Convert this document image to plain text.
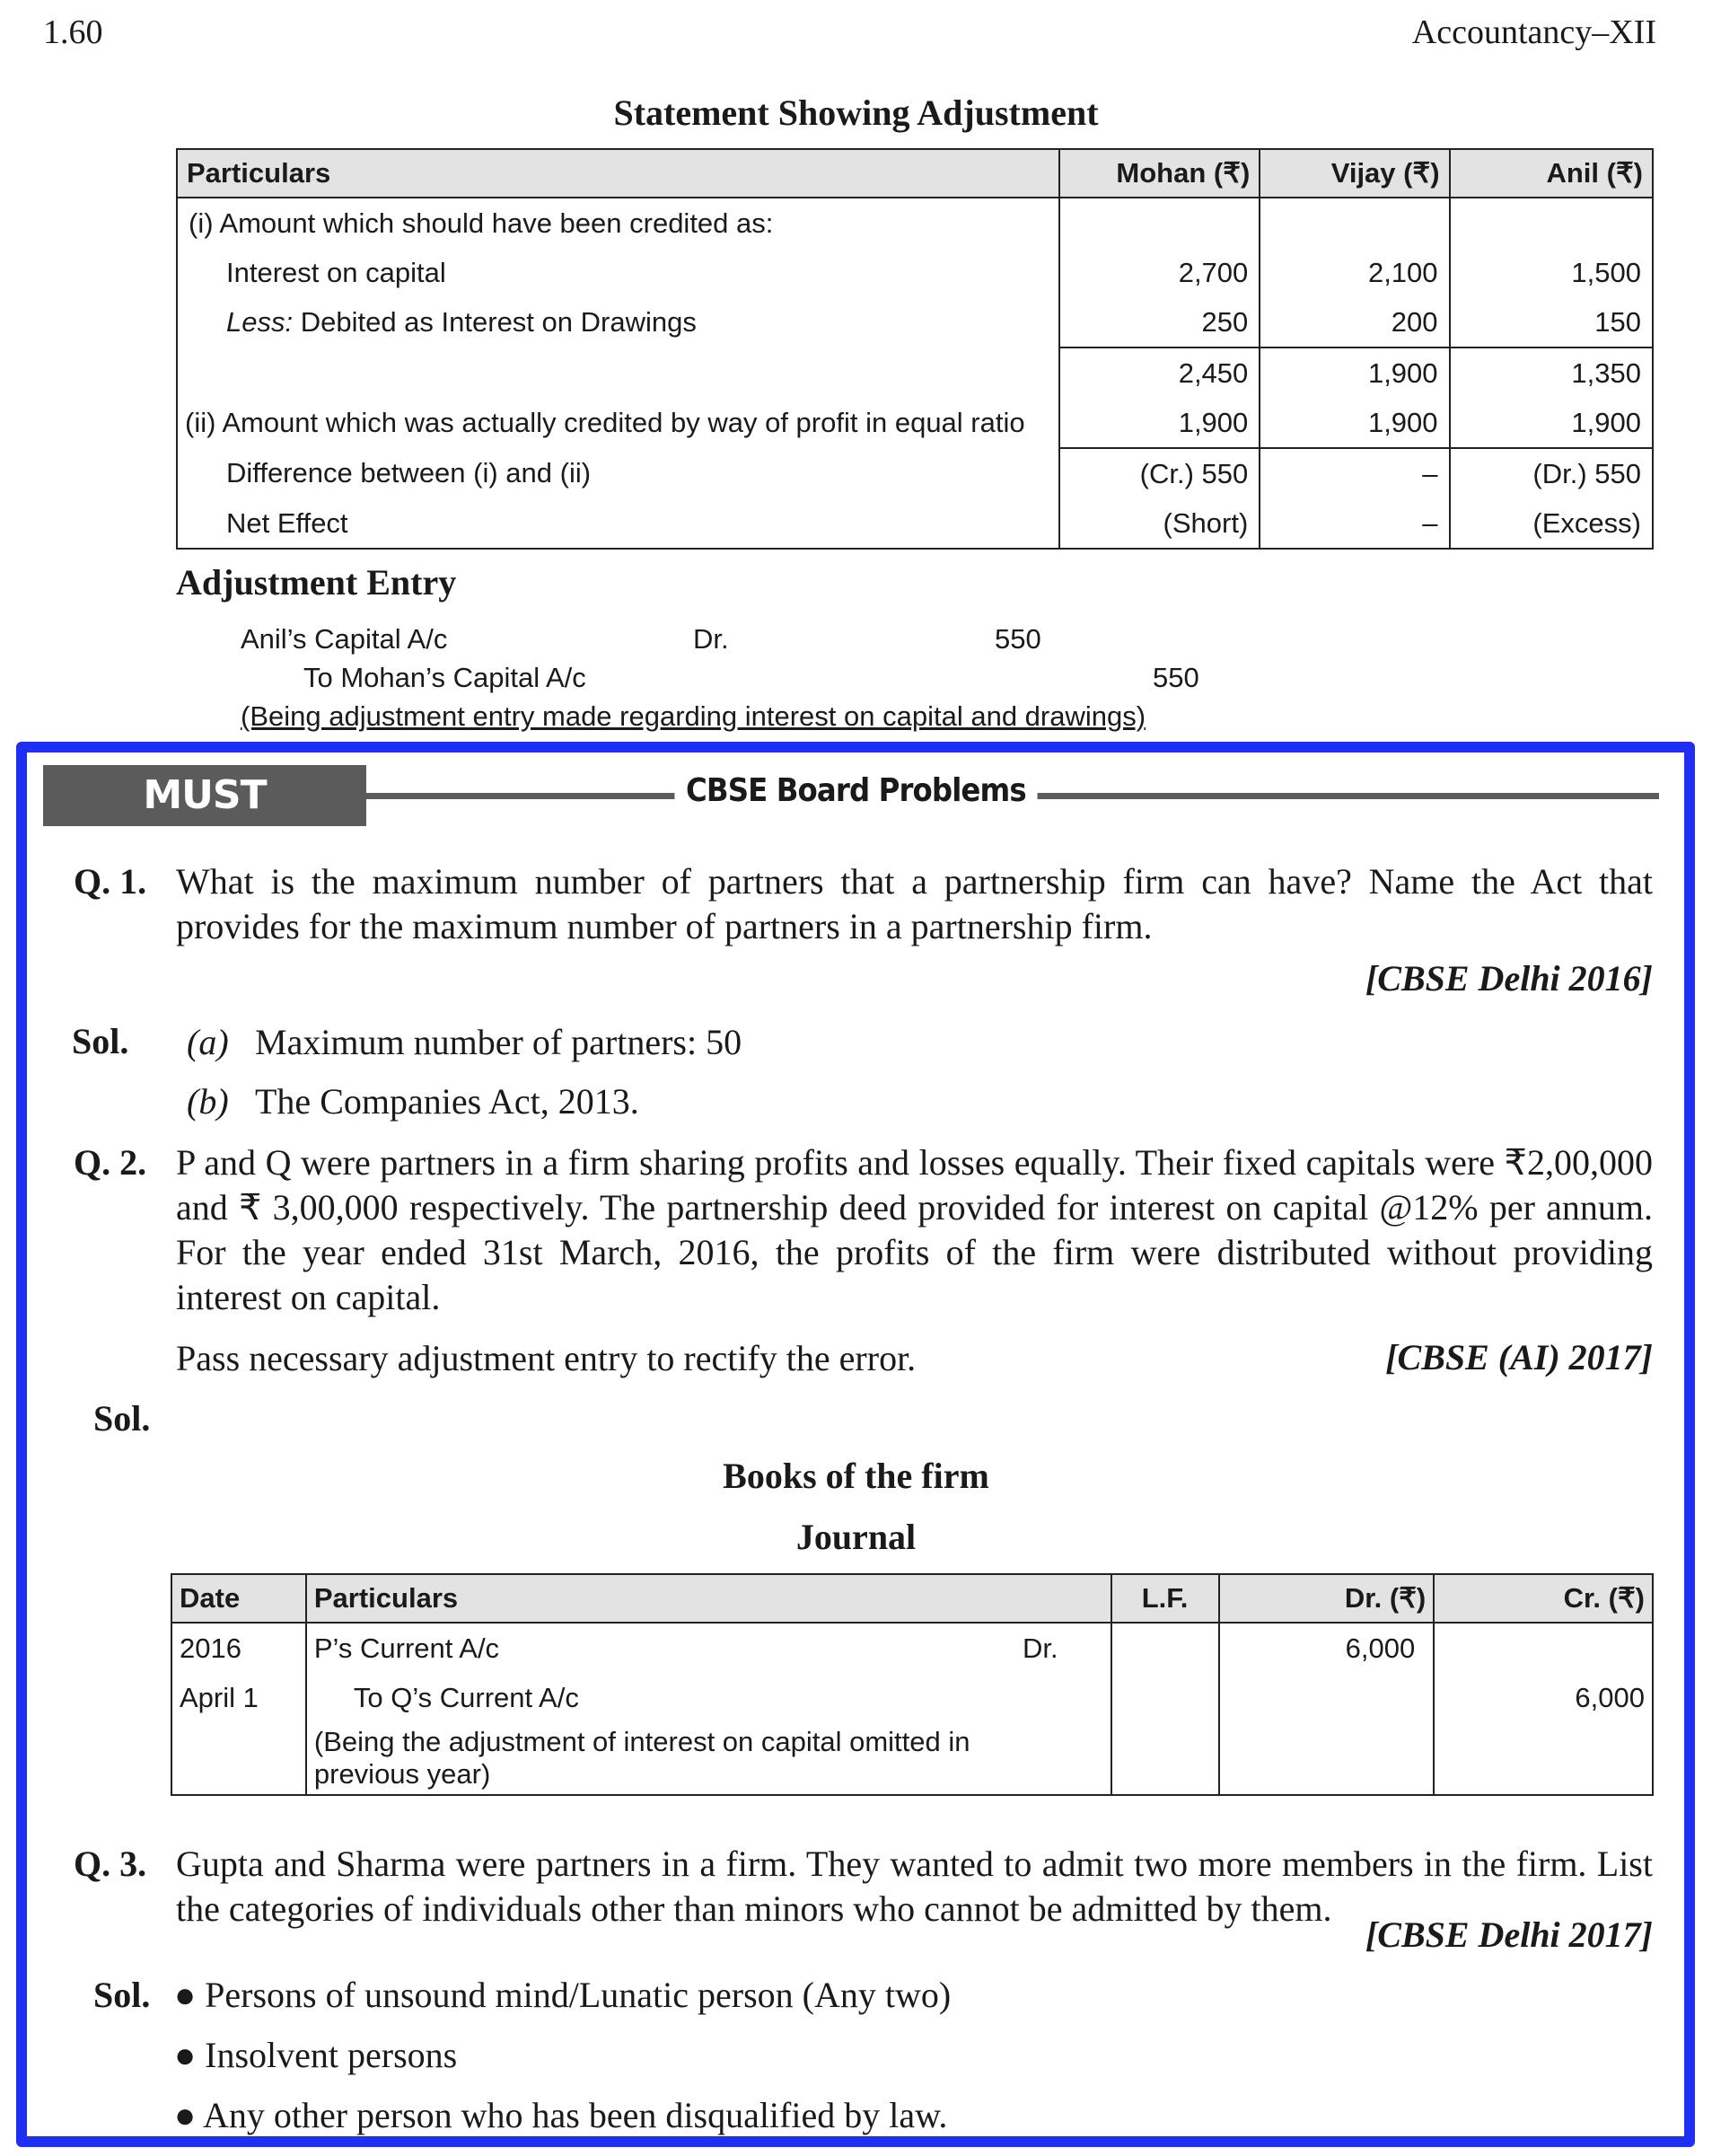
1.60	Accountancy–XII
Statement Showing Adjustment
Particulars	Mohan (₹)	Vijay (₹)	Anil (₹)
(i) Amount which should have been credited as:			
Interest on capital	2,700	2,100	1,500
Less: Debited as Interest on Drawings	250	200	150
	2,450	1,900	1,350
(ii) Amount which was actually credited by way of profit in equal ratio	1,900	1,900	1,900
Difference between (i) and (ii)	(Cr.) 550	–	(Dr.) 550
Net Effect	(Short)	–	(Excess)
Adjustment Entry
Anil’s Capital A/c	Dr.	550
To Mohan’s Capital A/c	550
(Being adjustment entry made regarding interest on capital and drawings)
CBSE Board Problems
MUST PRACTICE
Q. 1. What is the maximum number of partners that a partnership firm can have? Name the Act that provides for the maximum number of partners in a partnership firm.
[CBSE Delhi 2016]
Sol. (a) Maximum number of partners: 50
(b) The Companies Act, 2013.
Q. 2. P and Q were partners in a firm sharing profits and losses equally. Their fixed capitals were ₹2,00,000 and ₹ 3,00,000 respectively. The partnership deed provided for interest on capital @12% per annum. For the year ended 31st March, 2016, the profits of the firm were distributed without providing interest on capital.
Pass necessary adjustment entry to rectify the error.	[CBSE (AI) 2017]
Sol.
Books of the firm
Journal
Date	Particulars	L.F.	Dr. (₹)	Cr. (₹)
2016	P’s Current A/c Dr.		6,000	
April 1	To Q’s Current A/c			6,000
	(Being the adjustment of interest on capital omitted in previous year)			
Q. 3. Gupta and Sharma were partners in a firm. They wanted to admit two more members in the firm. List the categories of individuals other than minors who cannot be admitted by them.
[CBSE Delhi 2017]
Sol. ● Persons of unsound mind/Lunatic person (Any two)
● Insolvent persons
● Any other person who has been disqualified by law.
